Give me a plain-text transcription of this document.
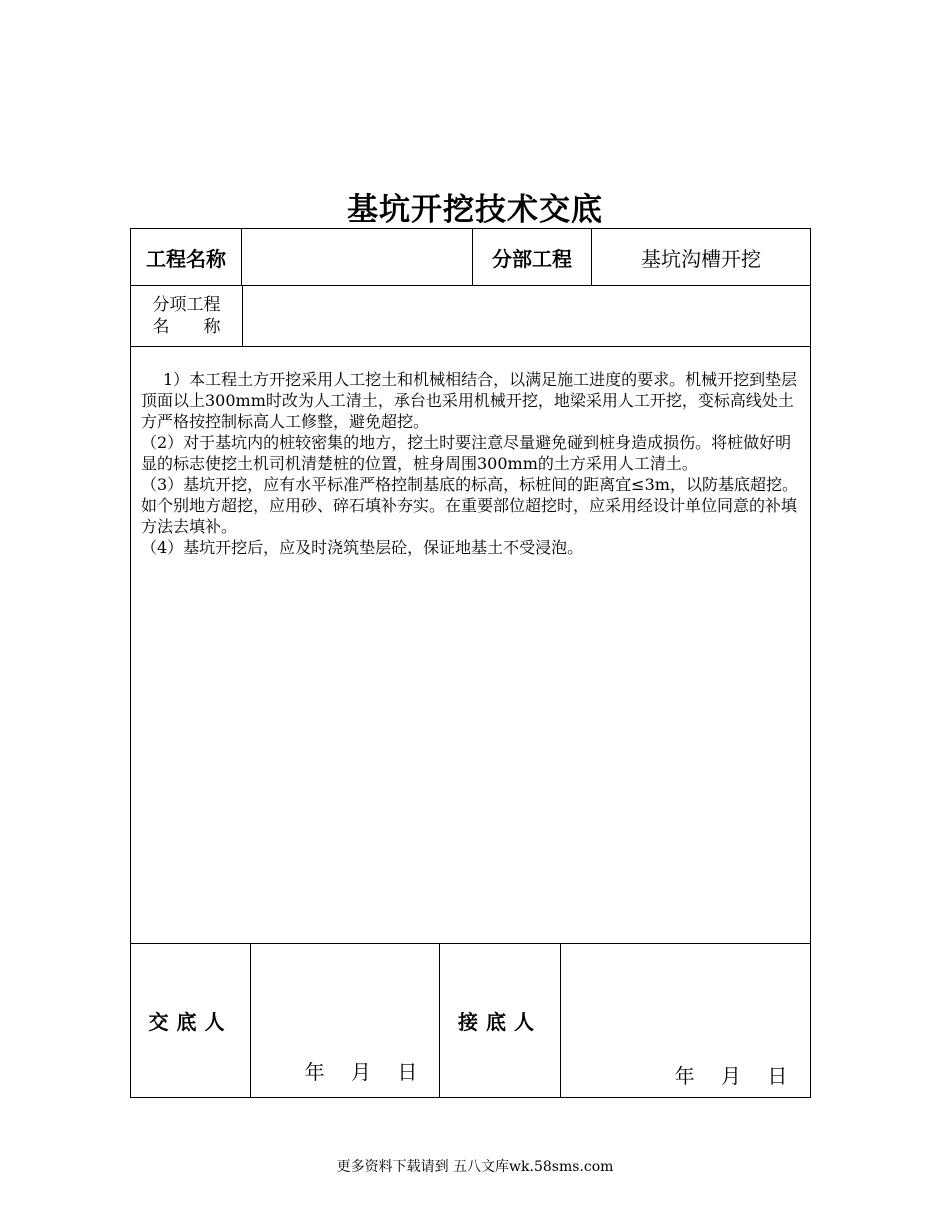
基坑开挖技术交底
工程名称	分部工程	基坑沟槽开挖
分项工程
名　　称

1）本工程土方开挖采用人工挖土和机械相结合，以满足施工进度的要求。机械开挖到垫层顶面以上300mm时改为人工清土，承台也采用机械开挖，地梁采用人工开挖，变标高线处土方严格按控制标高人工修整，避免超挖。

（2）对于基坑内的桩较密集的地方，挖土时要注意尽量避免碰到桩身造成损伤。将桩做好明显的标志使挖土机司机清楚桩的位置，桩身周围300mm的土方采用人工清土。

（3）基坑开挖，应有水平标准严格控制基底的标高，标桩间的距离宜≤3m，以防基底超挖。如个别地方超挖，应用砂、碎石填补夯实。在重要部位超挖时，应采用经设计单位同意的补填方法去填补。

（4）基坑开挖后，应及时浇筑垫层砼，保证地基土不受浸泡。

交底人
年 月 日
接底人
年 月 日
更多资料下载请到 五八文库wk.58sms.com
